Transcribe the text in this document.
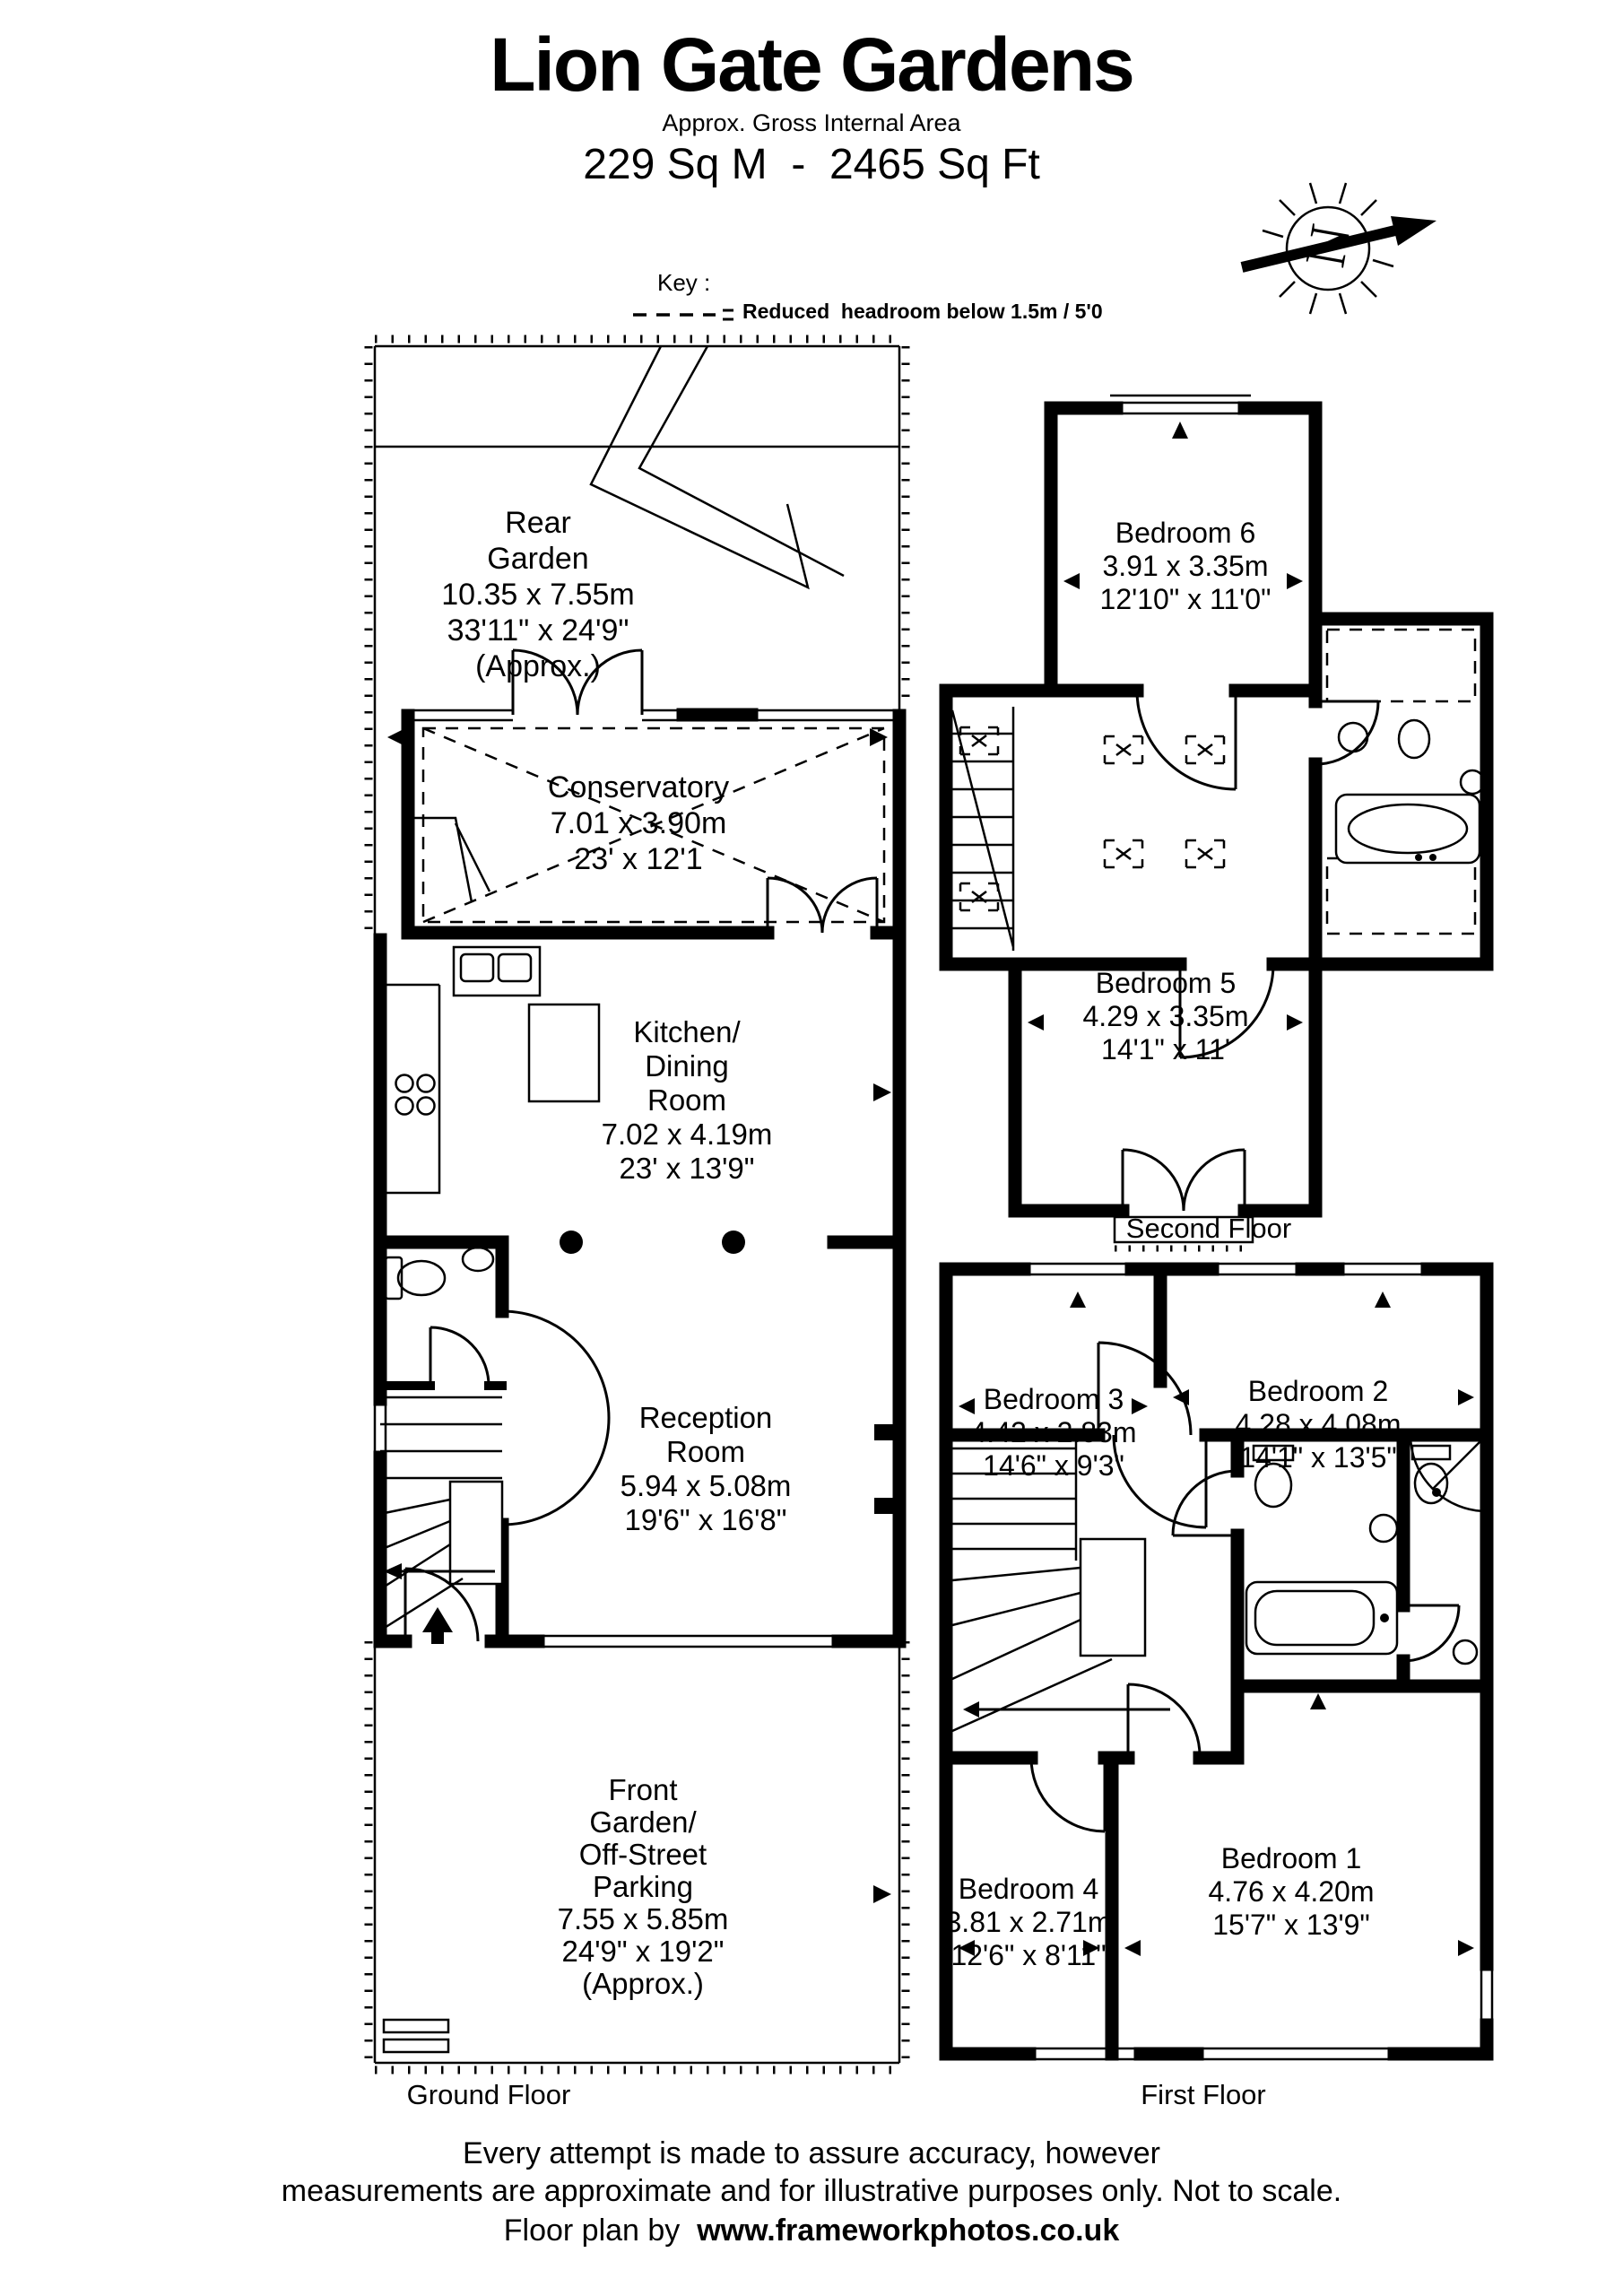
Lion Gate Gardens
Approx. Gross Internal Area
229 Sq M  -  2465 Sq Ft
Key :
Reduced  headroom below 1.5m / 5'0
N
Rear
Garden
10.35 x 7.55m
33'11" x 24'9"
(Approx.)
Conservatory
7.01 x 3.90m
23' x 12'1
Kitchen/
Dining
Room
7.02 x 4.19m
23' x 13'9"
Reception
Room
5.94 x 5.08m
19'6" x 16'8"
Front
Garden/
Off-Street
Parking
7.55 x 5.85m
24'9" x 19'2"
(Approx.)
Bedroom 6
3.91 x 3.35m
12'10" x 11'0"
Bedroom 5
4.29 x 3.35m
14'1" x 11'
Bedroom 3
4.42 x 2.83m
14'6" x 9'3"
Bedroom 2
4.28 x 4.08m
14'1" x 13'5"
Bedroom 4
3.81 x 2.71m
12'6" x 8'11"
Bedroom 1
4.76 x 4.20m
15'7" x 13'9"
Ground Floor
Second Floor
First Floor
Every attempt is made to assure accuracy, however
measurements are approximate and for illustrative purposes only. Not to scale.
Floor plan by  www.frameworkphotos.co.uk
